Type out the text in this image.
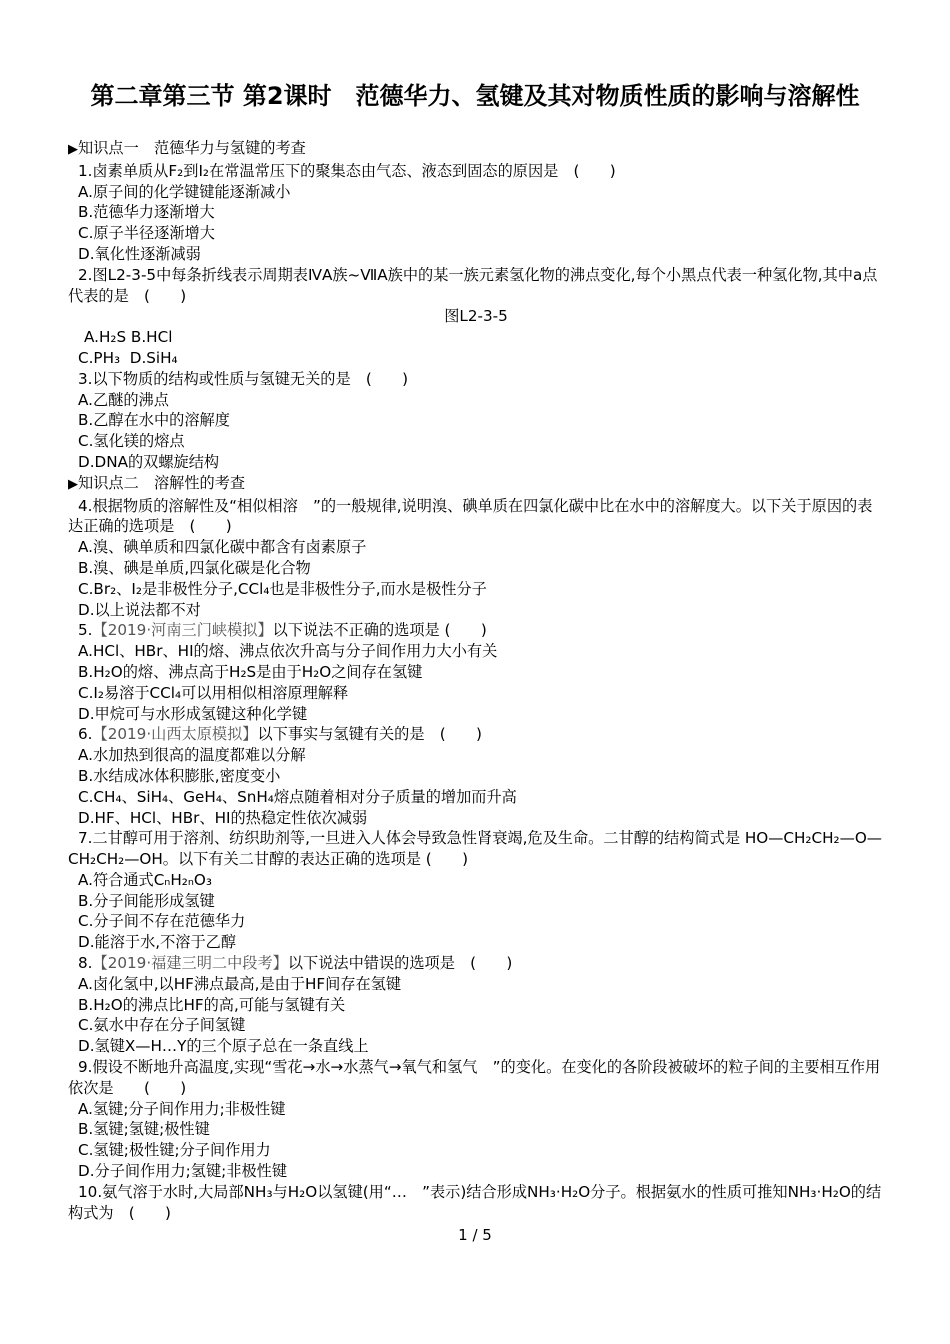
第二章第三节 第2课时　范德华力、氢键及其对物质性质的影响与溶解性
▶知识点一　范德华力与氢键的考查
1.卤素单质从F₂到I₂在常温常压下的聚集态由气态、液态到固态的原因是　(　　)
A.原子间的化学键键能逐渐减小
B.范德华力逐渐增大
C.原子半径逐渐增大
D.氧化性逐渐减弱
2.图L2-3-5中每条折线表示周期表ⅣA族~ⅦA族中的某一族元素氢化物的沸点变化,每个小黑点代表一种氢化物,其中a点代表的是　(　　)
图L2-3-5
A.H₂S B.HCl
C.PH₃  D.SiH₄
3.以下物质的结构或性质与氢键无关的是　(　　)
A.乙醚的沸点
B.乙醇在水中的溶解度
C.氢化镁的熔点
D.DNA的双螺旋结构
▶知识点二　溶解性的考查
4.根据物质的溶解性及“相似相溶　”的一般规律,说明溴、碘单质在四氯化碳中比在水中的溶解度大。以下关于原因的表达正确的选项是　(　　)
A.溴、碘单质和四氯化碳中都含有卤素原子
B.溴、碘是单质,四氯化碳是化合物
C.Br₂、I₂是非极性分子,CCl₄也是非极性分子,而水是极性分子
D.以上说法都不对
5.【2019·河南三门峡模拟】以下说法不正确的选项是 (　　)
A.HCl、HBr、HI的熔、沸点依次升高与分子间作用力大小有关
B.H₂O的熔、沸点高于H₂S是由于H₂O之间存在氢键
C.I₂易溶于CCl₄可以用相似相溶原理解释
D.甲烷可与水形成氢键这种化学键
6.【2019·山西太原模拟】以下事实与氢键有关的是　(　　)
A.水加热到很高的温度都难以分解
B.水结成冰体积膨胀,密度变小
C.CH₄、SiH₄、GeH₄、SnH₄熔点随着相对分子质量的增加而升高
D.HF、HCl、HBr、HI的热稳定性依次减弱
7.二甘醇可用于溶剂、纺织助剂等,一旦进入人体会导致急性肾衰竭,危及生命。二甘醇的结构简式是 HO—CH₂CH₂—O—CH₂CH₂—OH。以下有关二甘醇的表达正确的选项是 (　　)
A.符合通式CₙH₂ₙO₃
B.分子间能形成氢键
C.分子间不存在范德华力
D.能溶于水,不溶于乙醇
8.【2019·福建三明二中段考】以下说法中错误的选项是　(　　)
A.卤化氢中,以HF沸点最高,是由于HF间存在氢键
B.H₂O的沸点比HF的高,可能与氢键有关
C.氨水中存在分子间氢键
D.氢键X—H…Y的三个原子总在一条直线上
9.假设不断地升高温度,实现“雪花→水→水蒸气→氧气和氢气　”的变化。在变化的各阶段被破坏的粒子间的主要相互作用依次是　　(　　)
A.氢键;分子间作用力;非极性键
B.氢键;氢键;极性键
C.氢键;极性键;分子间作用力
D.分子间作用力;氢键;非极性键
10.氨气溶于水时,大局部NH₃与H₂O以氢键(用“…　”表示)结合形成NH₃·H₂O分子。根据氨水的性质可推知NH₃·H₂O的结构式为　(　　)
1 / 5
